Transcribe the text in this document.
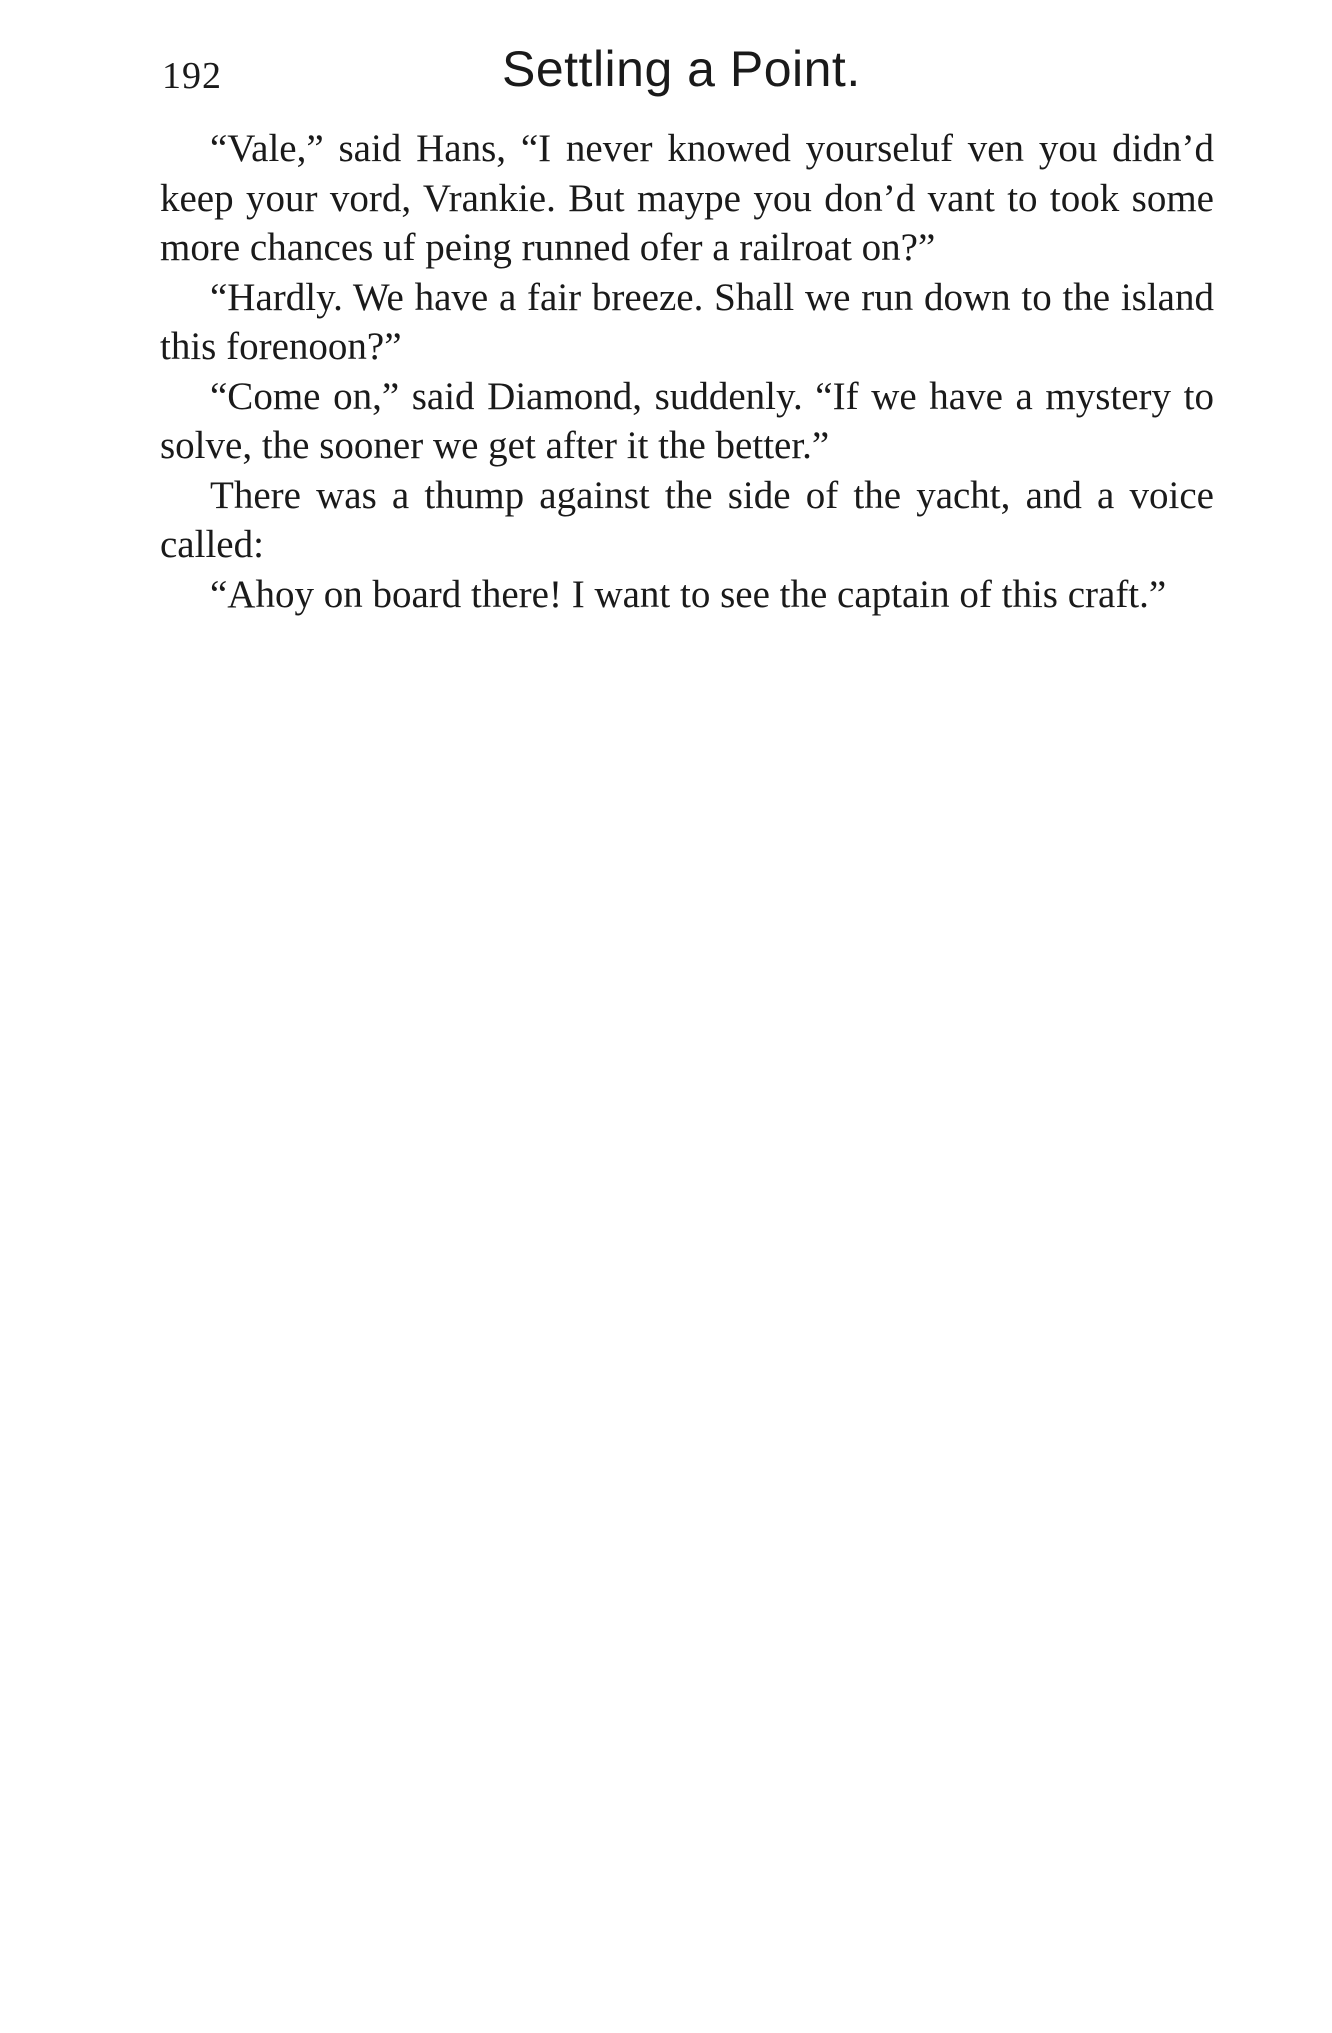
192	Settling a Point.

“Vale,” said Hans, “I never knowed yourseluf ven you didn’d keep your vord, Vrankie. But maype you don’d vant to took some more chances uf peing runned ofer a railroat on?”

“Hardly. We have a fair breeze. Shall we run down to the island this forenoon?”

“Come on,” said Diamond, suddenly. “If we have a mystery to solve, the sooner we get after it the better.”

There was a thump against the side of the yacht, and a voice called:

“Ahoy on board there! I want to see the captain of this craft.”
